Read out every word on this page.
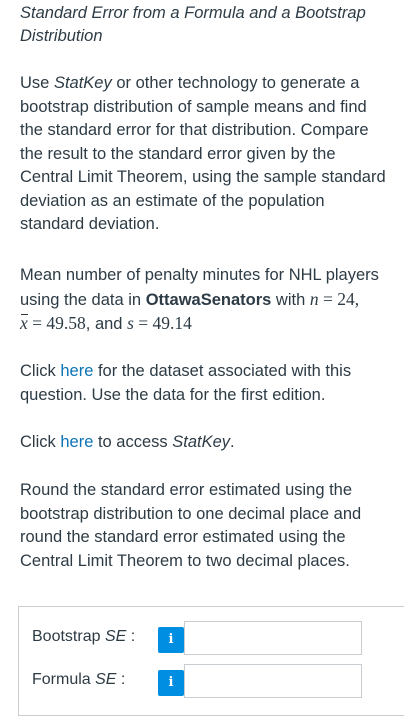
Standard Error from a Formula and a Bootstrap Distribution
Use StatKey or other technology to generate a bootstrap distribution of sample means and find the standard error for that distribution. Compare the result to the standard error given by the Central Limit Theorem, using the sample standard deviation as an estimate of the population standard deviation.
Mean number of penalty minutes for NHL players using the data in OttawaSenators with n = 24,
x = 49.58, and s = 49.14
Click here for the dataset associated with this question. Use the data for the first edition.
Click here to access StatKey.
Round the standard error estimated using the bootstrap distribution to one decimal place and round the standard error estimated using the Central Limit Theorem to two decimal places.
Bootstrap SE :	i
Formula SE :	i
